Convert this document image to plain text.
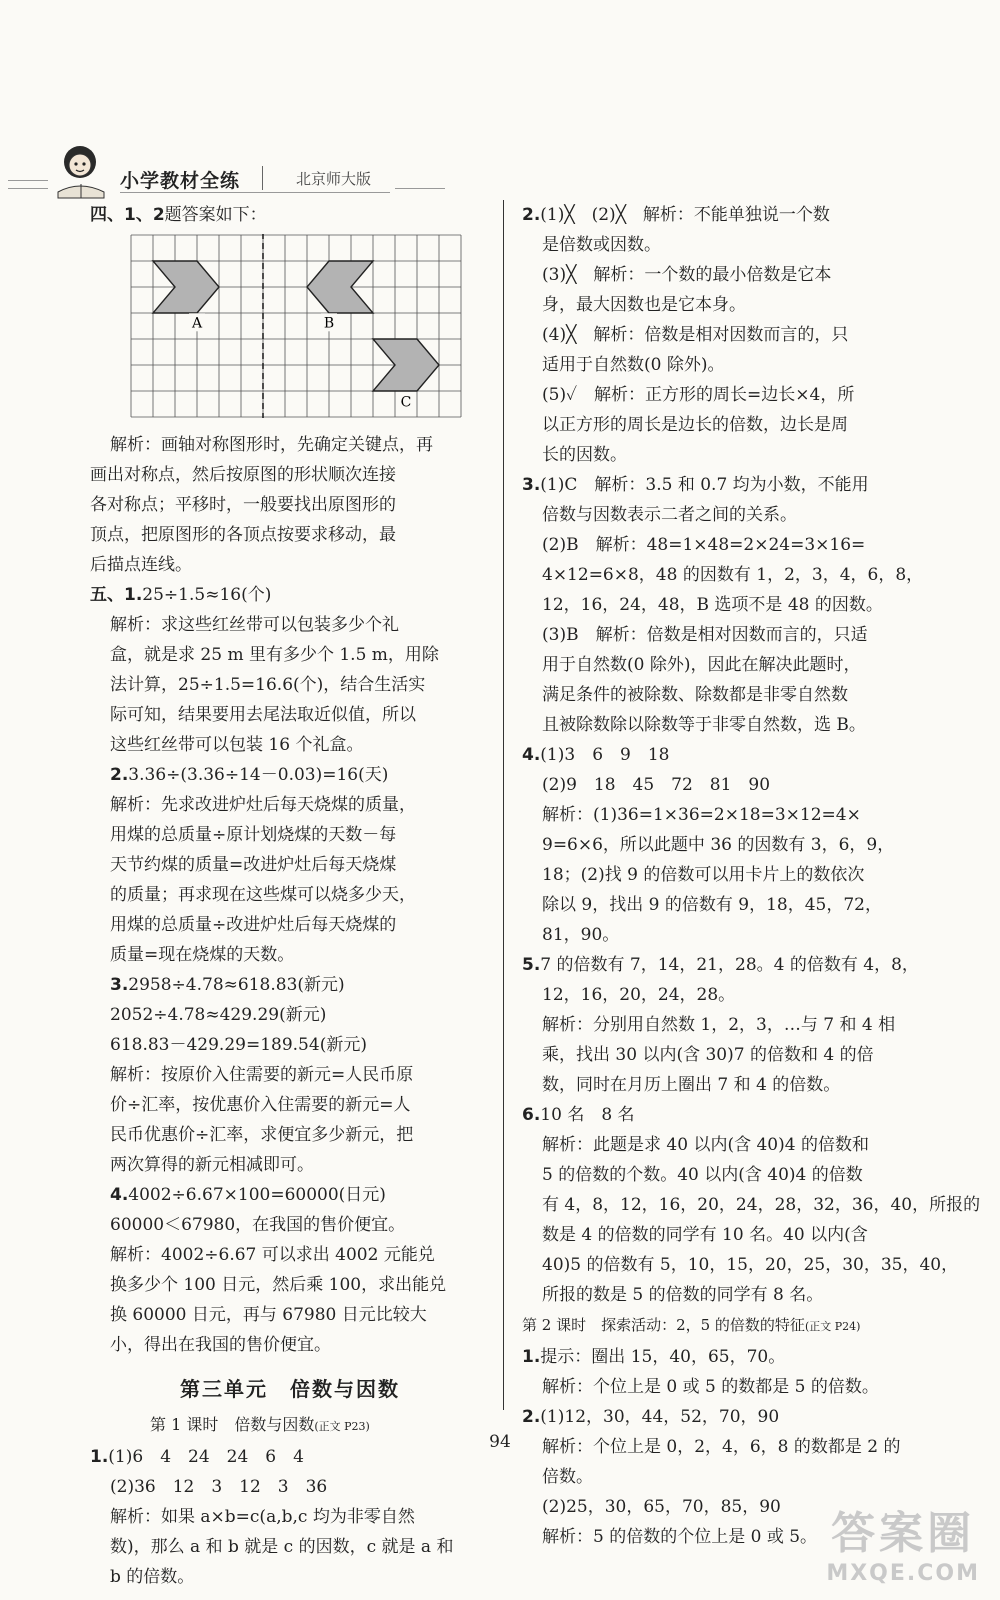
小学教材全练	北京师大版

四、1、2题答案如下：

A	B
C

解析：画轴对称图形时，先确定关键点，再

画出对称点，然后按原图的形状顺次连接

各对称点；平移时，一般要找出原图形的

顶点，把原图形的各顶点按要求移动，最

后描点连线。

五、1.25÷1.5≈16(个)

解析：求这些红丝带可以包装多少个礼

盒，就是求 25 m 里有多少个 1.5 m，用除

法计算，25÷1.5=16.6(个)，结合生活实

际可知，结果要用去尾法取近似值，所以

这些红丝带可以包装 16 个礼盒。

2.3.36÷(3.36÷14－0.03)=16(天)

解析：先求改进炉灶后每天烧煤的质量，

用煤的总质量÷原计划烧煤的天数－每

天节约煤的质量=改进炉灶后每天烧煤

的质量；再求现在这些煤可以烧多少天，

用煤的总质量÷改进炉灶后每天烧煤的

质量=现在烧煤的天数。

3.2958÷4.78≈618.83(新元)

2052÷4.78≈429.29(新元)

618.83－429.29=189.54(新元)

解析：按原价入住需要的新元=人民币原

价÷汇率，按优惠价入住需要的新元=人

民币优惠价÷汇率，求便宜多少新元，把

两次算得的新元相减即可。

4.4002÷6.67×100=60000(日元)

60000＜67980，在我国的售价便宜。

解析：4002÷6.67 可以求出 4002 元能兑

换多少个 100 日元，然后乘 100，求出能兑

换 60000 日元，再与 67980 日元比较大

小，得出在我国的售价便宜。

第三单元　倍数与因数

第 1 课时　倍数与因数(正文 P23)

1.(1)6　4　24　24　6　4

(2)36　12　3　12　3　36

解析：如果 a×b=c(a,b,c 均为非零自然

数)，那么 a 和 b 就是 c 的因数，c 就是 a 和

b 的倍数。

2.(1)╳　(2)╳　解析：不能单独说一个数

是倍数或因数。

(3)╳　解析：一个数的最小倍数是它本

身，最大因数也是它本身。

(4)╳　解析：倍数是相对因数而言的，只

适用于自然数(0 除外)。

(5)✓　解析：正方形的周长=边长×4，所

以正方形的周长是边长的倍数，边长是周

长的因数。

3.(1)C　解析：3.5 和 0.7 均为小数，不能用

倍数与因数表示二者之间的关系。

(2)B　解析：48=1×48=2×24=3×16=

4×12=6×8，48 的因数有 1，2，3，4，6，8，

12，16，24，48，B 选项不是 48 的因数。

(3)B　解析：倍数是相对因数而言的，只适

用于自然数(0 除外)，因此在解决此题时，

满足条件的被除数、除数都是非零自然数

且被除数除以除数等于非零自然数，选 B。

4.(1)3　6　9　18

(2)9　18　45　72　81　90

解析：(1)36=1×36=2×18=3×12=4×

9=6×6，所以此题中 36 的因数有 3，6，9，

18；(2)找 9 的倍数可以用卡片上的数依次

除以 9，找出 9 的倍数有 9，18，45，72，

81，90。

5.7 的倍数有 7，14，21，28。4 的倍数有 4，8，

12，16，20，24，28。

解析：分别用自然数 1，2，3，…与 7 和 4 相

乘，找出 30 以内(含 30)7 的倍数和 4 的倍

数，同时在月历上圈出 7 和 4 的倍数。

6.10 名　8 名

解析：此题是求 40 以内(含 40)4 的倍数和

5 的倍数的个数。40 以内(含 40)4 的倍数

有 4，8，12，16，20，24，28，32，36，40，所报的

数是 4 的倍数的同学有 10 名。40 以内(含

40)5 的倍数有 5，10，15，20，25，30，35，40，

所报的数是 5 的倍数的同学有 8 名。

第 2 课时　探索活动：2，5 的倍数的特征(正文 P24)

1.提示：圈出 15，40，65，70。

解析：个位上是 0 或 5 的数都是 5 的倍数。

2.(1)12，30，44，52，70，90

解析：个位上是 0，2，4，6，8 的数都是 2 的

倍数。

(2)25，30，65，70，85，90

解析：5 的倍数的个位上是 0 或 5。

94
答案圈
MXQE.COM
